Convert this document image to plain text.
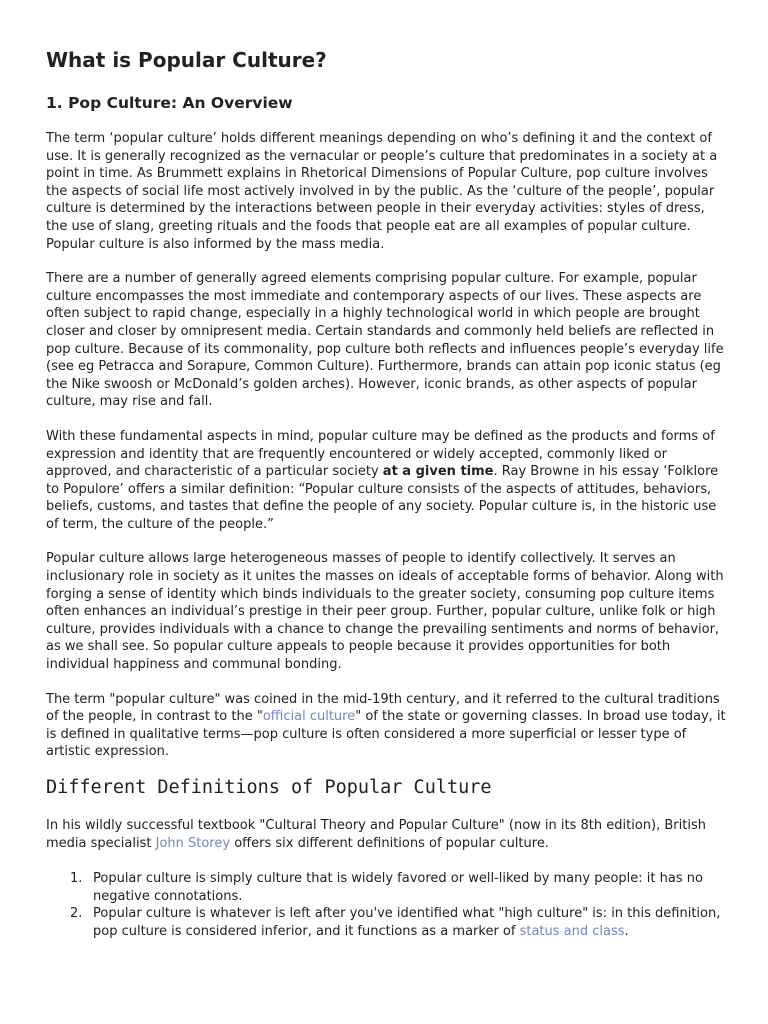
What is Popular Culture?
1. Pop Culture: An Overview

The term ‘popular culture’ holds different meanings depending on who’s defining it and the context of use. It is generally recognized as the vernacular or people’s culture that predominates in a society at a point in time. As Brummett explains in Rhetorical Dimensions of Popular Culture, pop culture involves the aspects of social life most actively involved in by the public. As the ‘culture of the people’, popular culture is determined by the interactions between people in their everyday activities: styles of dress, the use of slang, greeting rituals and the foods that people eat are all examples of popular culture. Popular culture is also informed by the mass media.

There are a number of generally agreed elements comprising popular culture. For example, popular culture encompasses the most immediate and contemporary aspects of our lives. These aspects are often subject to rapid change, especially in a highly technological world in which people are brought closer and closer by omnipresent media. Certain standards and commonly held beliefs are reflected in pop culture. Because of its commonality, pop culture both reflects and influences people’s everyday life (see eg Petracca and Sorapure, Common Culture). Furthermore, brands can attain pop iconic status (eg the Nike swoosh or McDonald’s golden arches). However, iconic brands, as other aspects of popular culture, may rise and fall.

With these fundamental aspects in mind, popular culture may be defined as the products and forms of expression and identity that are frequently encountered or widely accepted, commonly liked or approved, and characteristic of a particular society at a given time. Ray Browne in his essay ‘Folklore to Populore’ offers a similar definition: “Popular culture consists of the aspects of attitudes, behaviors, beliefs, customs, and tastes that define the people of any society. Popular culture is, in the historic use of term, the culture of the people.”

Popular culture allows large heterogeneous masses of people to identify collectively. It serves an inclusionary role in society as it unites the masses on ideals of acceptable forms of behavior. Along with forging a sense of identity which binds individuals to the greater society, consuming pop culture items often enhances an individual’s prestige in their peer group. Further, popular culture, unlike folk or high culture, provides individuals with a chance to change the prevailing sentiments and norms of behavior, as we shall see. So popular culture appeals to people because it provides opportunities for both individual happiness and communal bonding.

The term "popular culture" was coined in the mid-19th century, and it referred to the cultural traditions of the people, in contrast to the "official culture" of the state or governing classes. In broad use today, it is defined in qualitative terms—pop culture is often considered a more superficial or lesser type of artistic expression.

Different Definitions of Popular Culture

In his wildly successful textbook "Cultural Theory and Popular Culture" (now in its 8th edition), British media specialist John Storey offers six different definitions of popular culture.

1. Popular culture is simply culture that is widely favored or well-liked by many people: it has no negative connotations.
2. Popular culture is whatever is left after you've identified what "high culture" is: in this definition, pop culture is considered inferior, and it functions as a marker of status and class.
